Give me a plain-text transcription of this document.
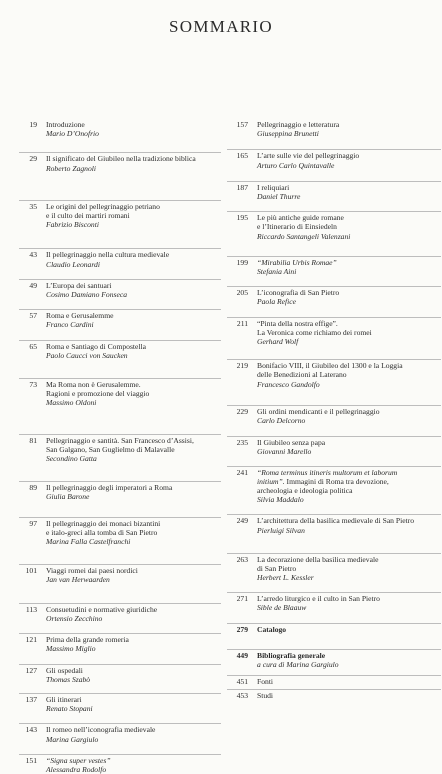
SOMMARIO
19 Introduzione
Mario D’Onofrio
29 Il significato del Giubileo nella tradizione biblica
Roberto Zagnoli
35 Le origini del pellegrinaggio petriano
e il culto dei martiri romani
Fabrizio Bisconti
43 Il pellegrinaggio nella cultura medievale
Claudio Leonardi
49 L’Europa dei santuari
Cosimo Damiano Fonseca
57 Roma e Gerusalemme
Franco Cardini
65 Roma e Santiago di Compostella
Paolo Caucci von Saucken
73 Ma Roma non è Gerusalemme.
Ragioni e promozione del viaggio
Massimo Oldoni
81 Pellegrinaggio e santità. San Francesco d’Assisi,
San Galgano, San Guglielmo di Malavalle
Secondino Gatta
89 Il pellegrinaggio degli imperatori a Roma
Giulia Barone
97 Il pellegrinaggio dei monaci bizantini
e italo-greci alla tomba di San Pietro
Marina Falla Castelfranchi
101 Viaggi romei dai paesi nordici
Jan van Herwaarden
113 Consuetudini e normative giuridiche
Ortensio Zecchino
121 Prima della grande romeria
Massimo Miglio
127 Gli ospedali
Thomas Szabò
137 Gli itinerari
Renato Stopani
143 Il romeo nell’iconografia medievale
Marina Gargiulo
151 “Signa super vestes”
Alessandra Rodolfo
157 Pellegrinaggio e letteratura
Giuseppina Brunetti
165 L’arte sulle vie del pellegrinaggio
Arturo Carlo Quintavalle
187 I reliquiari
Daniel Thurre
195 Le più antiche guide romane
e l’Itinerario di Einsiedeln
Riccardo Santangeli Valenzani
199 “Mirabilia Urbis Romae”
Stefania Aini
205 L’iconografia di San Pietro
Paola Refice
211 “Pinta della nostra effige”.
La Veronica come richiamo dei romei
Gerhard Wolf
219 Bonifacio VIII, il Giubileo del 1300 e la Loggia
delle Benedizioni al Laterano
Francesco Gandolfo
229 Gli ordini mendicanti e il pellegrinaggio
Carlo Delcorno
235 Il Giubileo senza papa
Giovanni Marello
241 “Roma terminus itineris multorum et laborum
initium”. Immagini di Roma tra devozione,
archeologia e ideologia politica
Silvia Maddalo
249 L’architettura della basilica medievale di San Pietro
Pierluigi Silvan
263 La decorazione della basilica medievale
di San Pietro
Herbert L. Kessler
271 L’arredo liturgico e il culto in San Pietro
Sible de Blaauw
279 Catalogo
449 Bibliografia generale
a cura di Marina Gargiulo
451 Fonti
453 Studi
